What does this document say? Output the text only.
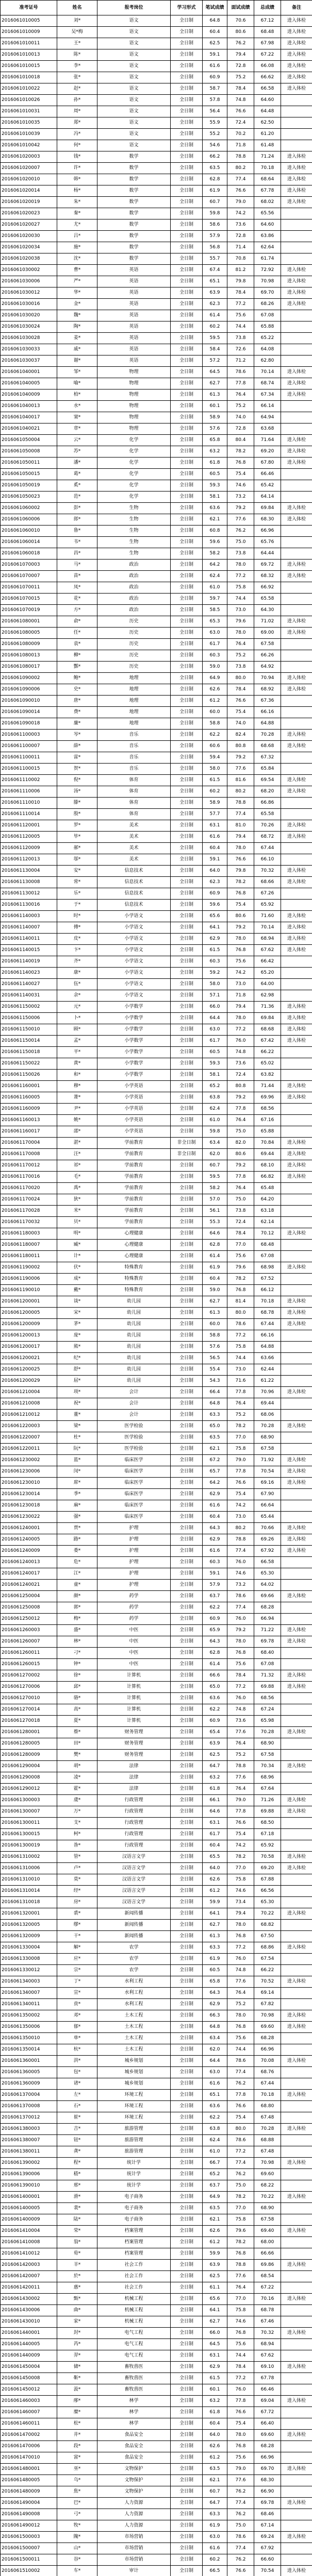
准考证号	姓名	报考岗位	学习形式	笔试成绩	面试成绩	总成绩	备注
2016061010005	刘*	语文	全日制	64.8	70.6	67.12	进入体检
2016061010009	吴*梅	语文	全日制	60.4	80.6	68.48	进入体检
2016061010011	王*	语文	全日制	62.5	76.2	67.98	进入体检
2016061010013	陈*	语文	全日制	59.1	79.4	67.22	进入体检
2016061010015	李*	语文	全日制	61.6	72.8	66.08	进入体检
2016061010018	张*	语文	全日制	60.9	75.2	66.62	进入体检
2016061010022	赵*	语文	全日制	58.7	78.4	66.58	进入体检
2016061010026	孙*	语文	全日制	57.8	74.8	64.60	
2016061010031	周*	语文	全日制	56.4	76.6	64.48	
2016061010035	郑*	语文	全日制	55.9	72.4	62.50	
2016061010039	冯*	语文	全日制	55.2	70.2	61.20	
2016061010042	何*	语文	全日制	54.6	71.8	61.48	
2016061020003	钱*	数学	全日制	66.2	78.8	71.24	进入体检
2016061020007	许*	数学	全日制	63.5	80.2	70.18	进入体检
2016061020010	韩*	数学	全日制	62.8	77.4	68.64	进入体检
2016061020014	杨*	数学	全日制	61.9	76.6	67.78	进入体检
2016061020019	朱*	数学	全日制	60.7	79.0	68.02	进入体检
2016061020023	秦*	数学	全日制	59.8	74.2	65.56	
2016061020027	尤*	数学	全日制	58.6	73.6	64.60	
2016061020030	吕*	数学	全日制	57.9	72.8	63.86	
2016061020034	施*	数学	全日制	56.8	71.4	62.64	
2016061020038	沈*	数学	全日制	55.7	70.8	61.74	
2016061030002	曹*	英语	全日制	67.4	81.2	72.92	进入体检
2016061030006	严*	英语	全日制	65.1	79.8	70.98	进入体检
2016061030012	华*	英语	全日制	63.9	78.4	69.70	进入体检
2016061030016	金*	英语	全日制	62.3	77.2	68.26	进入体检
2016061030020	魏*	英语	全日制	61.4	75.6	67.08	
2016061030024	陶*	英语	全日制	60.2	74.4	65.88	
2016061030028	姜*	英语	全日制	59.5	73.8	65.22	
2016061030033	戚*	英语	全日制	58.4	72.6	64.08	
2016061030037	谢*	英语	全日制	57.2	71.2	62.80	
2016061040001	邹*	物理	全日制	64.5	78.6	70.14	进入体检
2016061040005	喻*	物理	全日制	62.7	77.8	68.74	进入体检
2016061040009	柏*	物理	全日制	61.3	76.4	67.34	进入体检
2016061040013	水*	物理	全日制	60.1	75.2	66.14	
2016061040017	窦*	物理	全日制	58.9	74.0	64.94	
2016061040021	章*	物理	全日制	57.6	72.8	63.68	
2016061050004	云*	化学	全日制	65.8	80.4	71.64	进入体检
2016061050008	苏*	化学	全日制	63.2	78.2	69.20	进入体检
2016061050011	潘*	化学	全日制	61.8	76.8	67.80	进入体检
2016061050015	葛*	化学	全日制	60.5	75.4	66.46	
2016061050019	奚*	化学	全日制	59.3	74.6	65.42	
2016061050023	范*	化学	全日制	58.1	73.2	64.14	
2016061060002	彭*	生物	全日制	63.6	79.2	69.84	进入体检
2016061060006	郎*	生物	全日制	62.1	77.6	68.30	进入体检
2016061060010	鲁*	生物	全日制	60.8	76.2	66.96	
2016061060014	韦*	生物	全日制	59.6	75.0	65.76	
2016061060018	昌*	生物	全日制	58.2	73.8	64.44	
2016061070003	马*	政治	全日制	64.2	78.0	69.72	进入体检
2016061070007	苗*	政治	全日制	62.4	77.2	68.32	进入体检
2016061070011	凤*	政治	全日制	61.0	75.8	66.92	
2016061070015	花*	政治	全日制	59.7	74.4	65.58	
2016061070019	方*	政治	全日制	58.5	73.0	64.30	
2016061080001	俞*	历史	全日制	65.3	79.6	71.02	进入体检
2016061080005	任*	历史	全日制	63.0	78.0	69.00	进入体检
2016061080009	袁*	历史	全日制	61.7	76.4	67.58	
2016061080013	柳*	历史	全日制	60.3	75.2	66.26	
2016061080017	酆*	历史	全日制	59.0	73.8	64.92	
2016061090002	鲍*	地理	全日制	64.9	80.0	70.94	进入体检
2016061090006	史*	地理	全日制	62.6	78.4	68.92	进入体检
2016061090010	唐*	地理	全日制	61.2	76.6	67.36	
2016061090014	费*	地理	全日制	60.0	75.4	66.16	
2016061090018	廉*	地理	全日制	58.8	74.0	64.88	
2016061100003	岑*	音乐	全日制	62.2	82.4	70.28	进入体检
2016061100007	薛*	音乐	全日制	60.6	80.8	68.68	进入体检
2016061100011	雷*	音乐	全日制	59.4	79.2	67.32	
2016061100015	贺*	音乐	全日制	58.0	77.6	65.84	
2016061110002	倪*	体育	全日制	61.5	81.6	69.54	进入体检
2016061110006	汤*	体育	全日制	60.2	80.2	68.20	进入体检
2016061110010	滕*	体育	全日制	58.9	78.8	66.86	
2016061110014	殷*	体育	全日制	57.7	77.4	65.58	
2016061120001	罗*	美术	全日制	63.1	81.0	70.26	进入体检
2016061120005	毕*	美术	全日制	61.6	79.4	68.72	进入体检
2016061120009	郝*	美术	全日制	60.4	78.0	67.44	
2016061120013	邬*	美术	全日制	59.1	76.6	66.10	
2016061130004	安*	信息技术	全日制	64.0	79.8	70.32	进入体检
2016061130008	常*	信息技术	全日制	62.3	78.2	68.66	进入体检
2016061130012	乐*	信息技术	全日制	60.9	76.8	67.26	
2016061130016	于*	信息技术	全日制	59.6	75.4	65.92	
2016061140003	时*	小学语文	全日制	65.6	80.6	71.60	进入体检
2016061140007	傅*	小学语文	全日制	64.1	79.2	70.14	进入体检
2016061140011	皮*	小学语文	全日制	62.9	78.0	68.94	进入体检
2016061140015	卞*	小学语文	全日制	61.5	76.8	67.62	进入体检
2016061140019	齐*	小学语文	全日制	60.3	75.6	66.42	
2016061140023	康*	小学语文	全日制	59.2	74.2	65.20	
2016061140027	伍*	小学语文	全日制	58.0	73.0	64.00	
2016061140031	余*	小学语文	全日制	57.1	71.8	62.98	
2016061150002	元*	小学数学	全日制	66.0	79.4	71.36	进入体检
2016061150006	卜*	小学数学	全日制	64.4	78.0	69.84	进入体检
2016061150010	顾*	小学数学	全日制	63.0	77.2	68.68	进入体检
2016061150014	孟*	小学数学	全日制	61.7	76.0	67.42	进入体检
2016061150018	平*	小学数学	全日制	60.5	74.8	66.22	
2016061150022	黄*	小学数学	全日制	59.3	73.6	65.02	
2016061150026	和*	小学数学	全日制	58.1	72.4	63.82	
2016061160001	穆*	小学英语	全日制	65.2	80.8	71.44	进入体检
2016061160005	萧*	小学英语	全日制	63.8	79.2	69.96	进入体检
2016061160009	尹*	小学英语	全日制	62.4	77.8	68.56	
2016061160013	姚*	小学英语	全日制	61.0	76.4	67.16	
2016061160017	邵*	小学英语	全日制	59.8	75.0	65.88	
2016061170004	湛*	学前教育	非全日制	63.4	82.0	70.84	进入体检
2016061170008	汪*	学前教育	非全日制	62.0	80.6	69.44	进入体检
2016061170012	祁*	学前教育	全日制	60.7	79.2	68.10	进入体检
2016061170016	毛*	学前教育	全日制	59.5	77.8	66.82	进入体检
2016061170020	禹*	学前教育	全日制	58.2	76.4	65.48	
2016061170024	狄*	学前教育	全日制	57.0	75.0	64.20	
2016061170028	米*	学前教育	全日制	56.1	73.8	63.18	
2016061170032	贝*	学前教育	全日制	55.3	72.4	62.14	
2016061180003	明*	心理健康	全日制	64.6	78.4	70.12	进入体检
2016061180007	臧*	心理健康	全日制	62.8	77.0	68.48	
2016061180011	计*	心理健康	全日制	61.4	75.6	67.08	
2016061190002	伏*	特殊教育	全日制	61.9	79.6	68.98	进入体检
2016061190006	成*	特殊教育	全日制	60.4	78.2	67.52	
2016061190010	戴*	特殊教育	全日制	59.0	76.8	66.12	
2016061200001	谈*	幼儿园	全日制	62.7	81.4	70.18	进入体检
2016061200005	宋*	幼儿园	全日制	61.3	80.0	68.78	进入体检
2016061200009	茅*	幼儿园	全日制	60.0	78.6	67.44	进入体检
2016061200013	庞*	幼儿园	全日制	58.8	77.2	66.16	
2016061200017	熊*	幼儿园	全日制	57.6	75.8	64.88	
2016061200021	纪*	幼儿园	全日制	56.5	74.4	63.66	
2016061200025	舒*	幼儿园	全日制	55.4	73.0	62.44	
2016061200029	屈*	幼儿园	全日制	54.3	71.6	61.22	
2016061210004	项*	会计	全日制	66.4	77.8	70.96	进入体检
2016061210008	祝*	会计	全日制	64.8	76.4	69.44	
2016061210012	董*	会计	全日制	63.3	75.2	68.06	
2016061220003	梁*	医学检验	全日制	65.0	78.2	70.28	进入体检
2016061220007	杜*	医学检验	全日制	63.5	77.0	68.90	
2016061220011	阮*	医学检验	全日制	62.1	75.8	67.58	
2016061230002	蓝*	临床医学	全日制	67.2	79.0	71.92	进入体检
2016061230006	闵*	临床医学	全日制	65.7	77.8	70.54	进入体检
2016061230010	席*	临床医学	全日制	64.2	76.6	69.16	进入体检
2016061230014	季*	临床医学	全日制	62.9	75.4	67.90	
2016061230018	麻*	临床医学	全日制	61.6	74.2	66.64	
2016061230022	强*	临床医学	全日制	60.4	73.0	65.44	
2016061240001	贾*	护理	全日制	64.3	80.2	70.66	进入体检
2016061240005	路*	护理	全日制	62.9	78.8	69.26	进入体检
2016061240009	娄*	护理	全日制	61.6	77.4	67.92	进入体检
2016061240013	危*	护理	全日制	60.3	76.0	66.58	
2016061240017	江*	护理	全日制	59.1	74.6	65.30	
2016061240021	童*	护理	全日制	57.9	73.2	64.02	
2016061250004	颜*	药学	全日制	63.7	78.6	69.66	进入体检
2016061250008	郭*	药学	全日制	62.2	77.4	68.28	
2016061250012	梅*	药学	全日制	60.9	76.0	66.94	
2016061260003	盛*	中医	全日制	65.9	79.2	71.22	进入体检
2016061260007	林*	中医	全日制	64.3	78.0	69.78	进入体检
2016061260011	刁*	中医	全日制	62.8	76.8	68.40	
2016061260015	钟*	中医	全日制	61.4	75.6	67.08	
2016061270002	徐*	计算机	全日制	66.6	78.4	71.32	进入体检
2016061270006	邱*	计算机	全日制	65.0	77.2	69.88	进入体检
2016061270010	骆*	计算机	全日制	63.6	76.0	68.56	
2016061270014	高*	计算机	全日制	62.2	74.8	67.24	
2016061270018	夏*	计算机	全日制	60.9	73.6	65.98	
2016061280001	蔡*	财务管理	全日制	65.4	77.6	70.28	进入体检
2016061280005	田*	财务管理	全日制	63.9	76.4	68.90	
2016061280009	樊*	财务管理	全日制	62.5	75.2	67.58	
2016061290004	胡*	法律	全日制	64.7	78.8	70.34	进入体检
2016061290008	凌*	法律	全日制	63.2	77.6	68.96	
2016061290012	霍*	法律	全日制	61.8	76.4	67.64	
2016061300003	虞*	行政管理	全日制	66.1	79.0	71.26	进入体检
2016061300007	万*	行政管理	全日制	64.6	77.8	69.88	进入体检
2016061300011	支*	行政管理	全日制	63.1	76.6	68.50	
2016061300015	柯*	行政管理	全日制	61.7	75.4	67.18	
2016061300019	昝*	行政管理	全日制	60.4	74.2	65.92	
2016061310002	管*	汉语言文学	全日制	65.5	78.2	70.58	进入体检
2016061310006	卢*	汉语言文学	全日制	64.0	77.0	69.20	进入体检
2016061310010	莫*	汉语言文学	全日制	62.6	75.8	67.88	
2016061310014	经*	汉语言文学	全日制	61.2	74.6	66.56	
2016061310018	房*	汉语言文学	全日制	59.9	73.4	65.30	
2016061320001	裘*	新闻传播	全日制	64.1	79.4	70.22	进入体检
2016061320005	缪*	新闻传播	全日制	62.7	78.0	68.82	
2016061320009	干*	新闻传播	全日制	61.3	76.8	67.50	
2016061330004	解*	农学	全日制	63.3	77.2	68.86	进入体检
2016061330008	应*	农学	全日制	61.9	76.0	67.54	
2016061330012	宗*	农学	全日制	60.5	74.8	66.22	
2016061340003	丁*	水利工程	全日制	65.8	77.6	70.52	进入体检
2016061340007	宣*	水利工程	全日制	64.3	76.4	69.14	
2016061340011	贲*	水利工程	全日制	62.9	75.2	67.82	
2016061350002	邓*	土木工程	全日制	66.3	78.0	70.98	进入体检
2016061350006	郁*	土木工程	全日制	64.8	76.8	69.60	进入体检
2016061350010	单*	土木工程	全日制	63.4	75.6	68.28	
2016061350014	杭*	土木工程	全日制	62.0	74.4	66.96	
2016061360001	洪*	城乡规划	全日制	64.4	78.6	70.08	进入体检
2016061360005	包*	城乡规划	全日制	63.0	77.4	68.76	
2016061360009	诸*	城乡规划	全日制	61.6	76.2	67.44	
2016061370004	左*	环境工程	全日制	65.1	77.8	70.18	进入体检
2016061370008	石*	环境工程	全日制	63.6	76.6	68.80	
2016061370012	崔*	环境工程	全日制	62.2	75.4	67.48	
2016061380003	吉*	旅游管理	全日制	63.8	80.0	70.28	进入体检
2016061380007	钮*	旅游管理	全日制	62.4	78.6	68.88	
2016061380011	龚*	旅游管理	全日制	61.0	77.2	67.48	
2016061390002	程*	统计学	全日制	66.7	77.4	70.98	进入体检
2016061390006	嵇*	统计学	全日制	65.2	76.2	69.60	
2016061390010	邢*	统计学	全日制	63.7	75.0	68.22	
2016061400001	滑*	电子商务	全日制	64.9	78.2	70.22	进入体检
2016061400005	裴*	电子商务	全日制	63.5	77.0	68.90	
2016061400009	陆*	电子商务	全日制	62.1	75.8	67.58	
2016061410004	荣*	档案管理	全日制	62.6	79.6	69.40	进入体检
2016061410008	翁*	档案管理	全日制	61.2	78.2	68.00	
2016061410012	荀*	档案管理	全日制	59.9	76.8	66.66	
2016061420003	羊*	社会工作	全日制	63.9	78.8	69.86	进入体检
2016061420007	於*	社会工作	全日制	62.5	77.6	68.54	
2016061420011	惠*	社会工作	全日制	61.1	76.4	67.22	
2016061430002	甄*	机械工程	全日制	65.6	77.0	70.16	进入体检
2016061430006	曲*	机械工程	全日制	64.1	75.8	68.78	
2016061430010	家*	机械工程	全日制	62.7	74.6	67.46	
2016061440001	封*	电气工程	全日制	66.0	76.8	70.32	进入体检
2016061440005	芮*	电气工程	全日制	64.5	75.6	68.94	
2016061440009	羿*	电气工程	全日制	63.1	74.4	67.62	
2016061450004	储*	畜牧兽医	全日制	62.9	78.4	69.10	进入体检
2016061450008	靳*	畜牧兽医	全日制	61.5	77.2	67.78	
2016061450012	汲*	畜牧兽医	全日制	60.1	76.0	66.46	
2016061460003	邴*	林学	全日制	63.2	77.8	69.04	进入体检
2016061460007	糜*	林学	全日制	61.8	76.6	67.72	
2016061460011	松*	林学	全日制	60.4	75.4	66.40	
2016061470002	井*	食品安全	全日制	64.0	78.0	69.60	进入体检
2016061470006	段*	食品安全	全日制	62.6	76.8	68.28	
2016061470010	富*	食品安全	全日制	61.2	75.6	66.96	
2016061480001	巫*	文物保护	全日制	63.5	79.0	69.70	进入体检
2016061480005	乌*	文物保护	全日制	62.1	77.6	68.30	
2016061480009	焦*	文物保护	全日制	60.7	76.2	66.90	
2016061490004	巴*	人力资源	全日制	64.7	77.4	69.78	进入体检
2016061490008	弓*	人力资源	全日制	63.3	76.2	68.46	
2016061490012	牧*	人力资源	全日制	61.9	75.0	67.14	
2016061500003	隗*	市场营销	全日制	63.0	78.6	69.24	进入体检
2016061500007	山*	市场营销	全日制	61.6	77.4	67.92	
2016061500011	谷*	市场营销	全日制	60.2	76.2	66.60	
2016061510002	车*	审计	全日制	66.5	76.6	70.54	进入体检
